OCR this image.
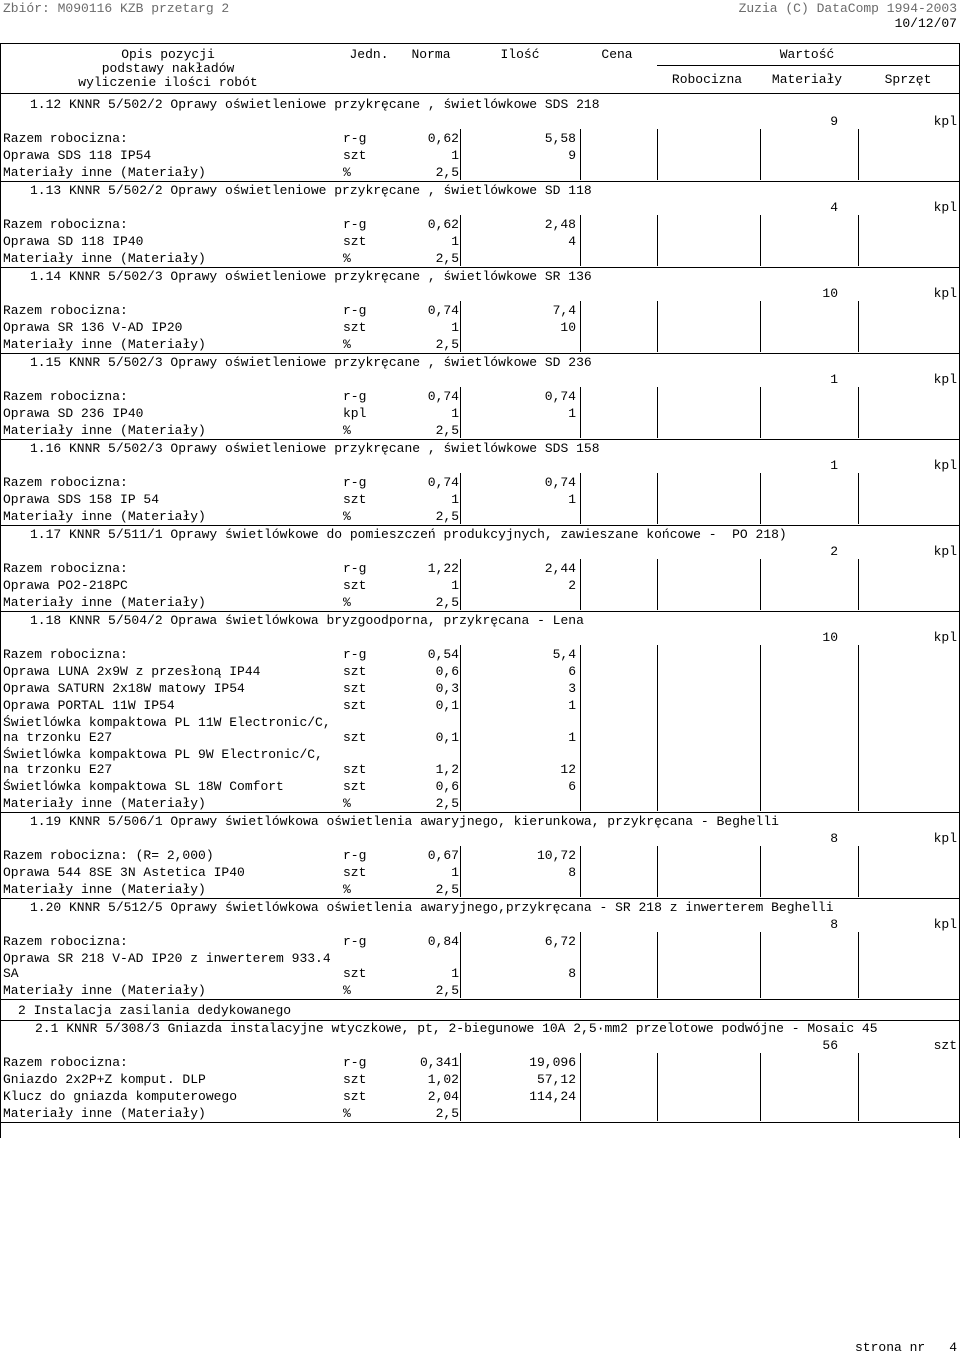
Zbiór: M090116 KZB przetarg 2	Zuzia (C) DataComp 1994-2003
10/12/07
Opis pozycji
podstawy nakładów
wyliczenie ilości robót
Jedn.	Norma	Ilość	Cena	Wartość
Robocizna	Materiały	Sprzęt
1.12 KNNR 5/502/2 Oprawy oświetleniowe przykręcane , świetlówkowe SDS 218
9	kpl
Razem robocizna:	r-g	0,62	5,58
Oprawa SDS 118 IP54	szt	1	9
Materiały inne (Materiały)	%	2,5
1.13 KNNR 5/502/2 Oprawy oświetleniowe przykręcane , świetlówkowe SD 118
4	kpl
Razem robocizna:	r-g	0,62	2,48
Oprawa SD 118 IP40	szt	1	4
Materiały inne (Materiały)	%	2,5
1.14 KNNR 5/502/3 Oprawy oświetleniowe przykręcane , świetlówkowe SR 136
10	kpl
Razem robocizna:	r-g	0,74	7,4
Oprawa SR 136 V-AD IP20	szt	1	10
Materiały inne (Materiały)	%	2,5
1.15 KNNR 5/502/3 Oprawy oświetleniowe przykręcane , świetlówkowe SD 236
1	kpl
Razem robocizna:	r-g	0,74	0,74
Oprawa SD 236 IP40	kpl	1	1
Materiały inne (Materiały)	%	2,5
1.16 KNNR 5/502/3 Oprawy oświetleniowe przykręcane , świetlówkowe SDS 158
1	kpl
Razem robocizna:	r-g	0,74	0,74
Oprawa SDS 158 IP 54	szt	1	1
Materiały inne (Materiały)	%	2,5
1.17 KNNR 5/511/1 Oprawy świetlówkowe do pomieszczeń produkcyjnych, zawieszane końcowe -  PO 218)
2	kpl
Razem robocizna:	r-g	1,22	2,44
Oprawa PO2-218PC	szt	1	2
Materiały inne (Materiały)	%	2,5
1.18 KNNR 5/504/2 Oprawa świetlówkowa bryzgoodporna, przykręcana - Lena
10	kpl
Razem robocizna:	r-g	0,54	5,4
Oprawa LUNA 2x9W z przesłoną IP44	szt	0,6	6
Oprawa SATURN 2x18W matowy IP54	szt	0,3	3
Oprawa PORTAL 11W IP54	szt	0,1	1
Świetlówka kompaktowa PL 11W Electronic/C,
na trzonku E27	szt	0,1	1
Świetlówka kompaktowa PL 9W Electronic/C,
na trzonku E27	szt	1,2	12
Świetlówka kompaktowa SL 18W Comfort	szt	0,6	6
Materiały inne (Materiały)	%	2,5
1.19 KNNR 5/506/1 Oprawy świetlówkowa oświetlenia awaryjnego, kierunkowa, przykręcana - Beghelli
8	kpl
Razem robocizna: (R= 2,000)	r-g	0,67	10,72
Oprawa 544 8SE 3N Astetica IP40	szt	1	8
Materiały inne (Materiały)	%	2,5
1.20 KNNR 5/512/5 Oprawy świetlówkowa oświetlenia awaryjnego,przykręcana - SR 218 z inwerterem Beghelli
8	kpl
Razem robocizna:	r-g	0,84	6,72
Oprawa SR 218 V-AD IP20 z inwerterem 933.4
SA	szt	1	8
Materiały inne (Materiały)	%	2,5
2 Instalacja zasilania dedykowanego
2.1 KNNR 5/308/3 Gniazda instalacyjne wtyczkowe, pt, 2-biegunowe 10A 2,5·mm2 przelotowe podwójne - Mosaic 45
56	szt
Razem robocizna:	r-g	0,341	19,096
Gniazdo 2x2P+Z komput. DLP	szt	1,02	57,12
Klucz do gniazda komputerowego	szt	2,04	114,24
Materiały inne (Materiały)	%	2,5
strona nr	4
